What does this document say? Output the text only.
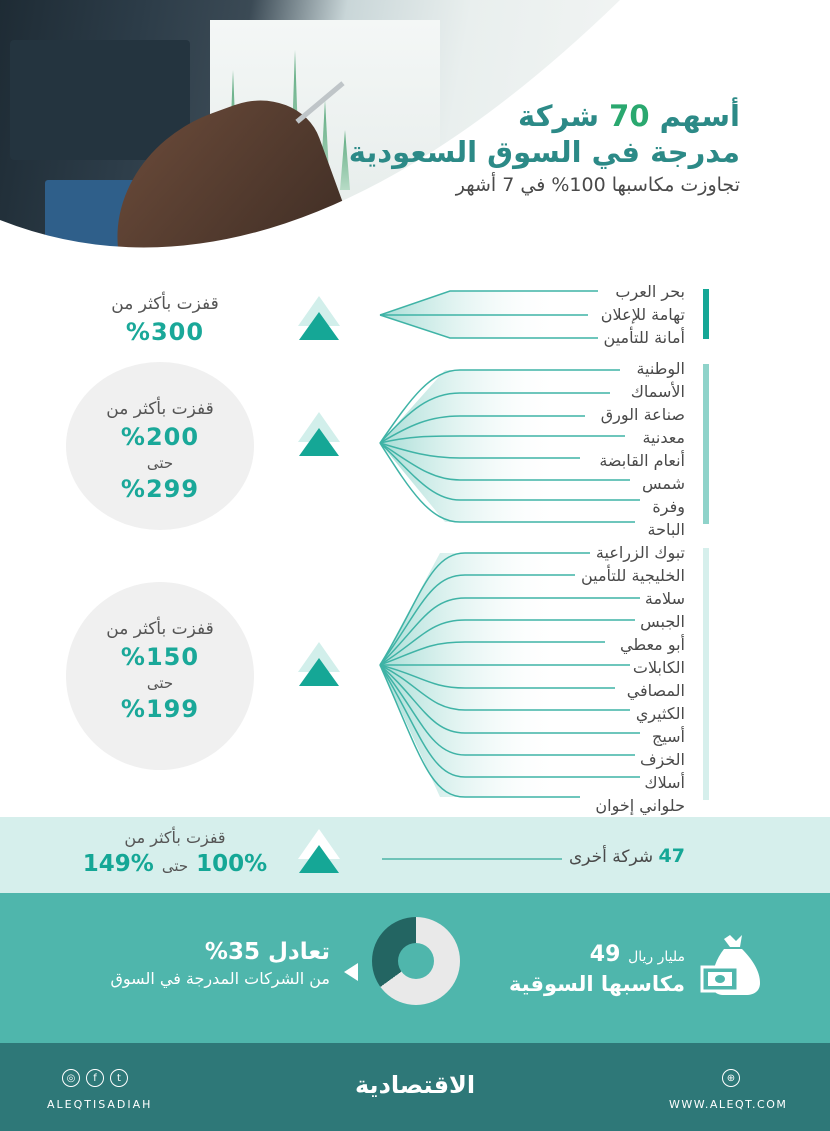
أسهم 70 شركة
مدرجة في السوق السعودية
تجاوزت مكاسبها 100% في 7 أشهر
بحر العرب
تهامة للإعلان
أمانة للتأمين
قفزت بأكثر من
%300
الوطنية
الأسماك
صناعة الورق
معدنية
أنعام القابضة
شمس
وفرة
الباحة
قفزت بأكثر من
%200
حتى
%299
تبوك الزراعية
الخليجية للتأمين
سلامة
الجبس
أبو معطي
الكابلات
المصافي
الكثيري
أسيج
الخزف
أسلاك
حلواني إخوان
قفزت بأكثر من
%150
حتى
%199
47 شركة أخرى
قفزت بأكثر من
100% حتى 149%
تعادل 35%
من الشركات المدرجة في السوق
مليار ريال 49
مكاسبها السوقية
◎	f	t
ALEQTISADIAH
الاقتصادية	⊕
WWW.ALEQT.COM
